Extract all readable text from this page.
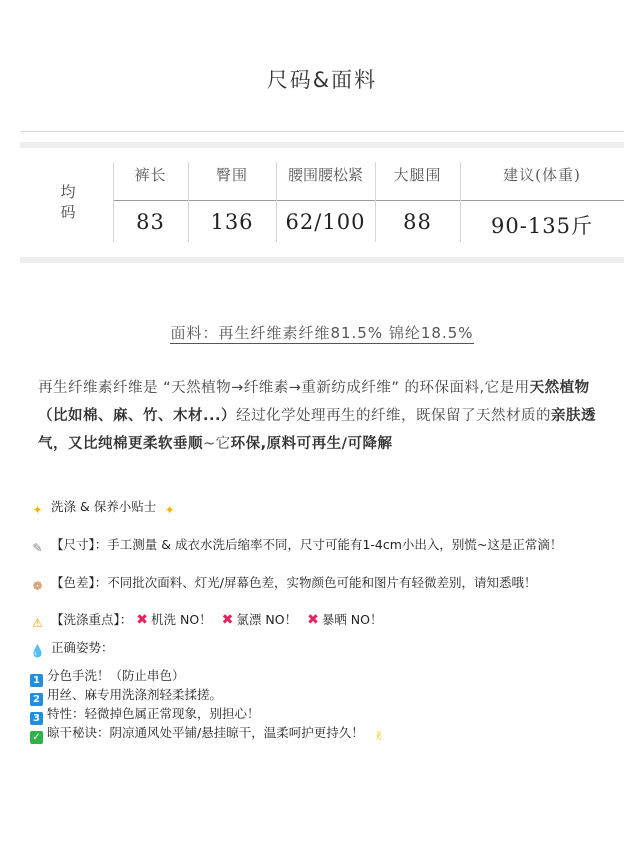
尺码&面料
均码
裤长
83
臀围
136
腰围腰松紧
62/100
大腿围
88
建议(体重)
90-135斤
面料：再生纤维素纤维81.5% 锦纶18.5%
再生纤维素纤维是 “天然植物→纤维素→重新纺成纤维” 的环保面料,它是用天然植物（比如棉、麻、竹、木材...）经过化学处理再生的纤维，既保留了天然材质的亲肤透气，又比纯棉更柔软垂顺~它环保,原料可再生/可降解
✦ 洗涤 & 保养小贴士 ✦
✎ 【尺寸】：手工测量 & 成衣水洗后缩率不同，尺寸可能有1-4cm小出入，别慌~这是正常滴！
❁ 【色差】：不同批次面料、灯光/屏幕色差，实物颜色可能和图片有轻微差别，请知悉哦！
⚠ 【洗涤重点】： ✖ 机洗 NO！ ✖ 氯漂 NO！ ✖ 暴晒 NO！
💧 正确姿势：
1 分色手洗！（防止串色）
2 用丝、麻专用洗涤剂轻柔揉搓。
3 特性：轻微掉色属正常现象，别担心！
✓ 晾干秘诀：阴凉通风处平铺/悬挂晾干，温柔呵护更持久！ ✌
